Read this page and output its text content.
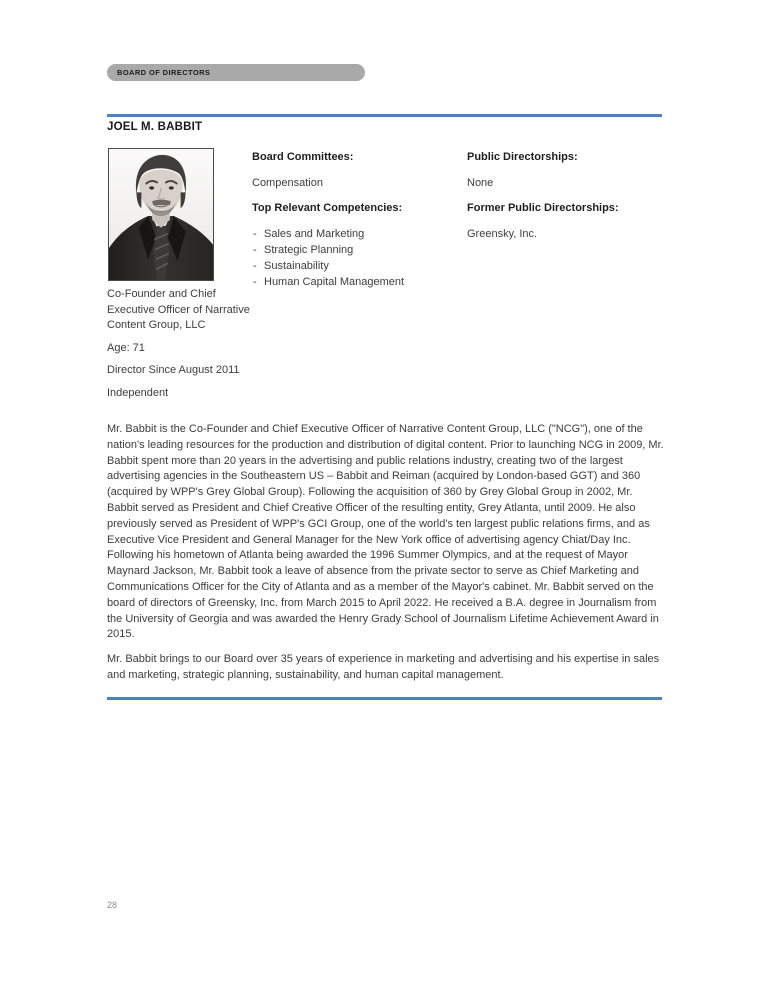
BOARD OF DIRECTORS
JOEL M. BABBIT
Co-Founder and Chief Executive Officer of Narrative Content Group, LLC
Age: 71
Director Since August 2011
Independent
Board Committees:
Compensation
Top Relevant Competencies:
- Sales and Marketing
- Strategic Planning
- Sustainability
- Human Capital Management
Public Directorships:
None
Former Public Directorships:
Greensky, Inc.

Mr. Babbit is the Co-Founder and Chief Executive Officer of Narrative Content Group, LLC ("NCG"), one of the nation's leading resources for the production and distribution of digital content. Prior to launching NCG in 2009, Mr. Babbit spent more than 20 years in the advertising and public relations industry, creating two of the largest advertising agencies in the Southeastern US – Babbit and Reiman (acquired by London-based GGT) and 360 (acquired by WPP's Grey Global Group). Following the acquisition of 360 by Grey Global Group in 2002, Mr. Babbit served as President and Chief Creative Officer of the resulting entity, Grey Atlanta, until 2009. He also previously served as President of WPP's GCI Group, one of the world's ten largest public relations firms, and as Executive Vice President and General Manager for the New York office of advertising agency Chiat/Day Inc. Following his hometown of Atlanta being awarded the 1996 Summer Olympics, and at the request of Mayor Maynard Jackson, Mr. Babbit took a leave of absence from the private sector to serve as Chief Marketing and Communications Officer for the City of Atlanta and as a member of the Mayor's cabinet. Mr. Babbit served on the board of directors of Greensky, Inc. from March 2015 to April 2022. He received a B.A. degree in Journalism from the University of Georgia and was awarded the Henry Grady School of Journalism Lifetime Achievement Award in 2015.

Mr. Babbit brings to our Board over 35 years of experience in marketing and advertising and his expertise in sales and marketing, strategic planning, sustainability, and human capital management.

28
